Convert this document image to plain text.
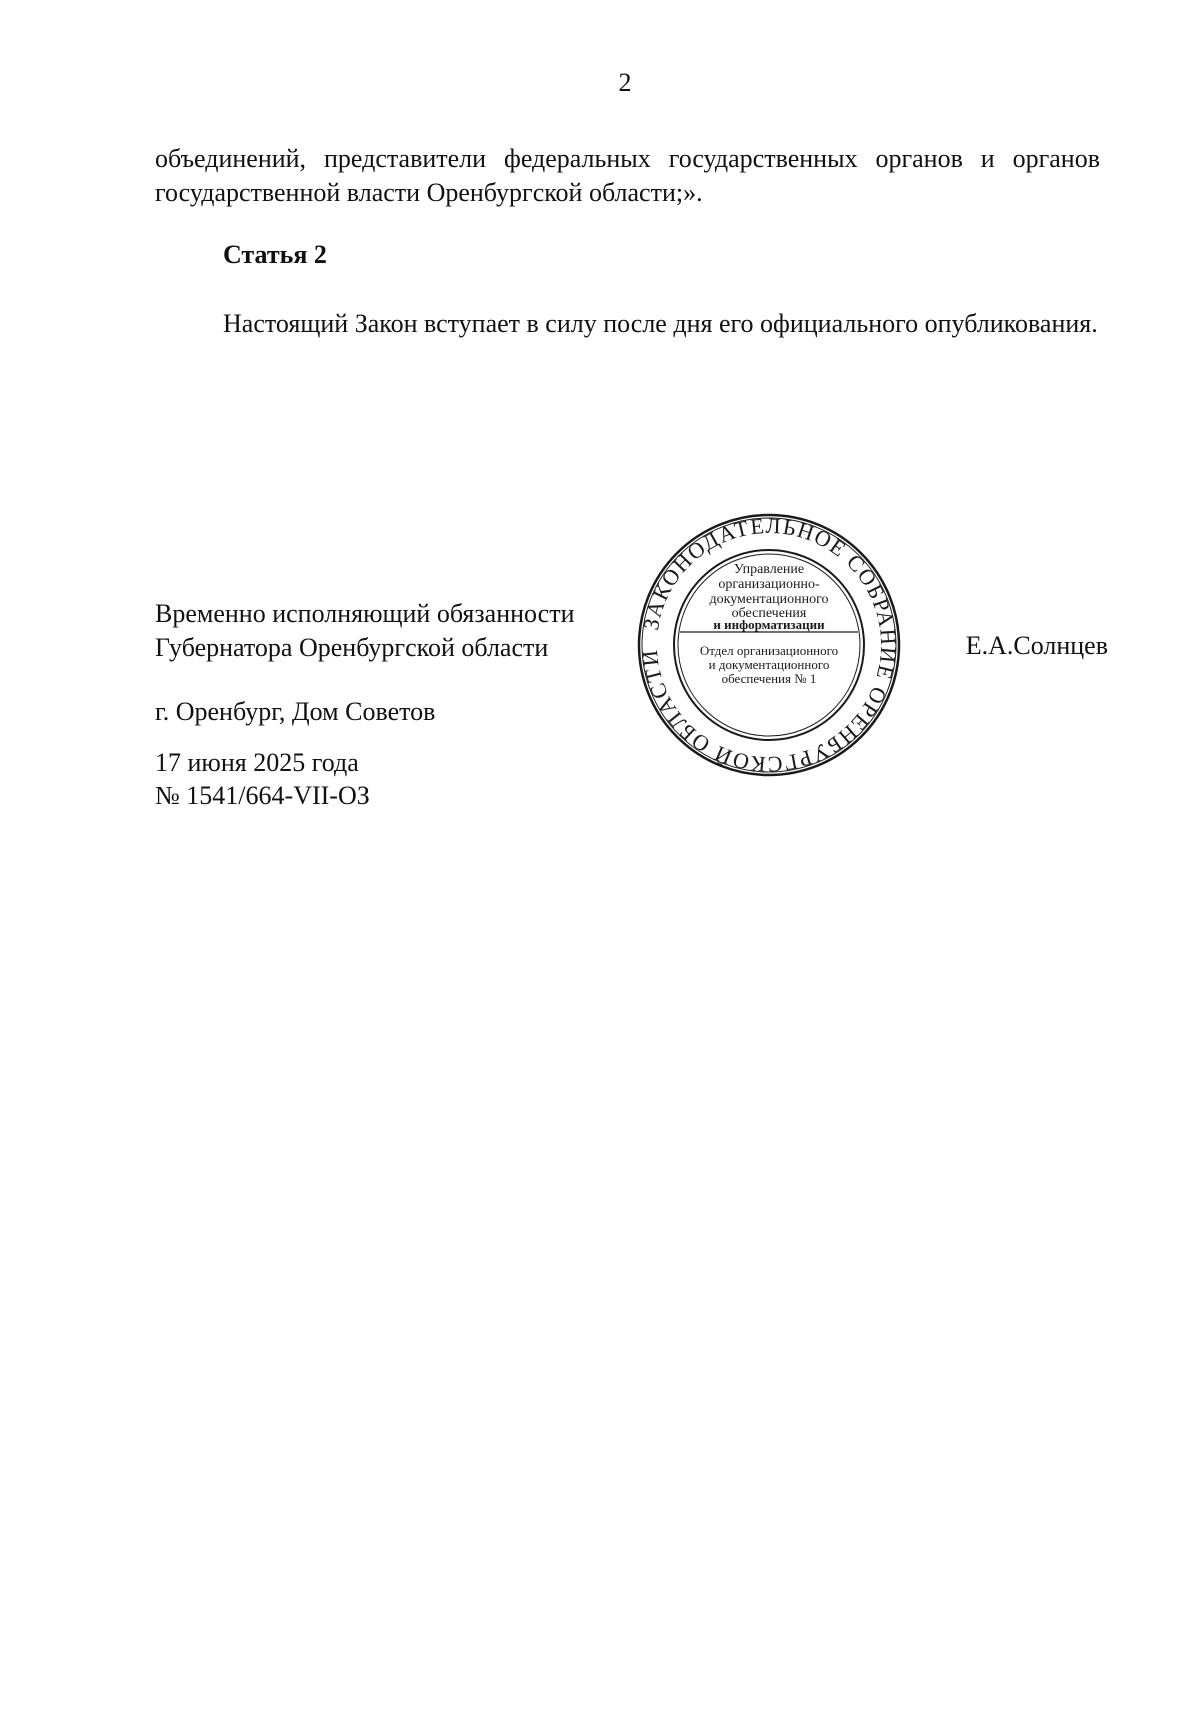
2
объединений, представители федеральных государственных органов и органов государственной власти Оренбургской области;».
Статья 2
Настоящий Закон вступает в силу после дня его официального опубликования.
Временно исполняющий обязанности
Губернатора Оренбургской области	Е.А.Солнцев
г. Оренбург, Дом Советов
17 июня 2025 года
№ 1541/664-VII-ОЗ
ЗАКОНОДАТЕЛЬНОЕ СОБРАНИЕ ОРЕНБУРГСКОЙ ОБЛАСТИ
Управление
организационно-
документационного
обеспечения
и информатизации
Отдел организационного
и документационного
обеспечения № 1
